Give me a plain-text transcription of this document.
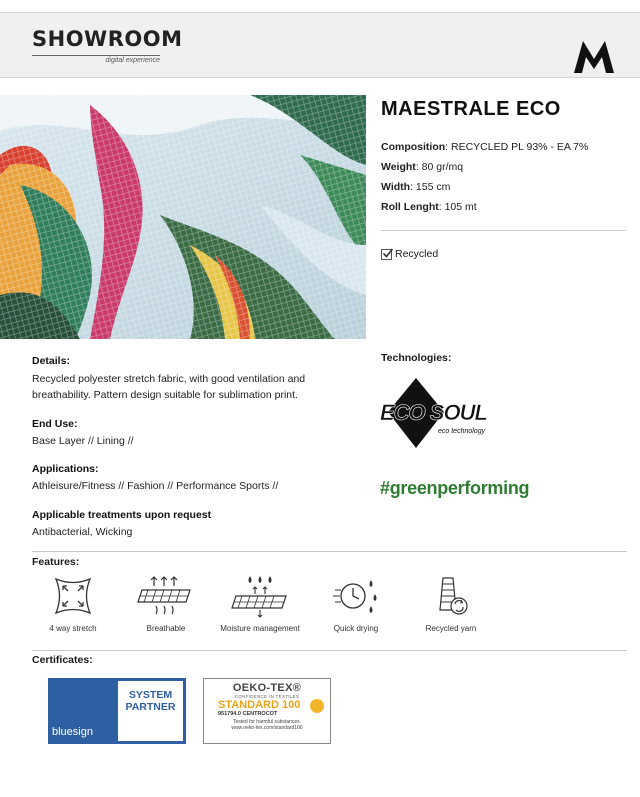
SHOWROOM
digital experience
MAESTRALE ECO
Composition: RECYCLED PL 93% - EA 7%
Weight: 80 gr/mq
Width: 155 cm
Roll Lenght: 105 mt
Recycled
Details:
Recycled polyester stretch fabric, with good ventilation and breathability. Pattern design suitable for sublimation print.
End Use:
Base Layer // Lining //
Applications:
Athleisure/Fitness // Fashion // Performance Sports //
Applicable treatments upon request
Antibacterial, Wicking
Technologies:
ECO SOUL
eco technology
#greenperforming
Features:
4 way stretch	Breathable	Moisture management	Quick drying	Recycled yarn
Certificates:
bluesign
SYSTEM
PARTNER
OEKO-TEX®
CONFIDENCE IN TEXTILES
STANDARD 100
951794.0 CENTROCOT
Tested for harmful substances.
www.oeko-tex.com/standard100
